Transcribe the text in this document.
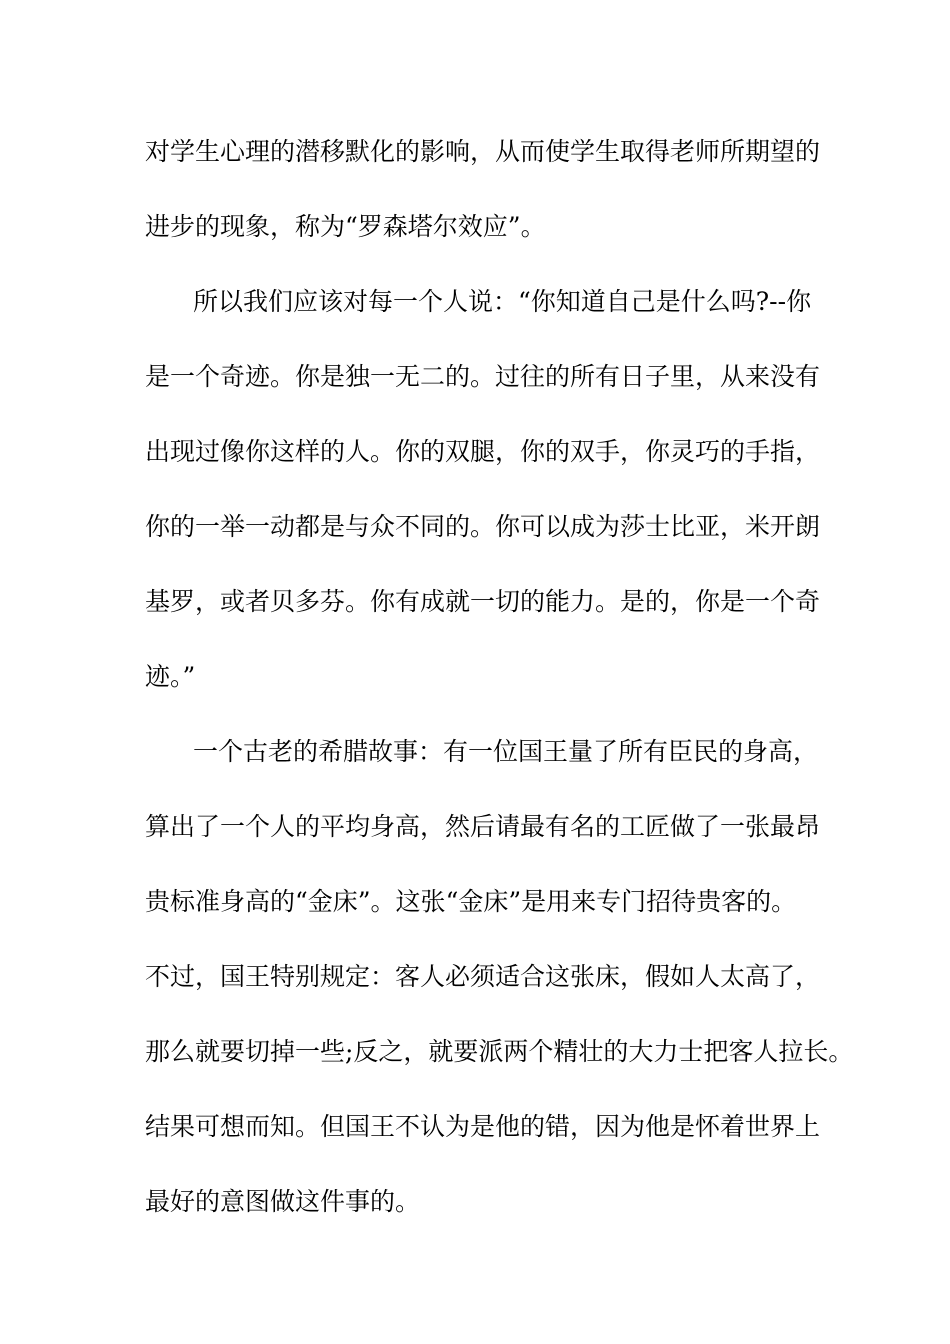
对学生心理的潜移默化的影响，从而使学生取得老师所期望的
进步的现象，称为“罗森塔尔效应”。
所以我们应该对每一个人说：“你知道自己是什么吗?--你
是一个奇迹。你是独一无二的。过往的所有日子里，从来没有
出现过像你这样的人。你的双腿，你的双手，你灵巧的手指，
你的一举一动都是与众不同的。你可以成为莎士比亚，米开朗
基罗，或者贝多芬。你有成就一切的能力。是的，你是一个奇
迹。”
一个古老的希腊故事：有一位国王量了所有臣民的身高，
算出了一个人的平均身高，然后请最有名的工匠做了一张最昂
贵标准身高的“金床”。这张“金床”是用来专门招待贵客的。
不过，国王特别规定：客人必须适合这张床，假如人太高了，
那么就要切掉一些;反之，就要派两个精壮的大力士把客人拉长。
结果可想而知。但国王不认为是他的错，因为他是怀着世界上
最好的意图做这件事的。
